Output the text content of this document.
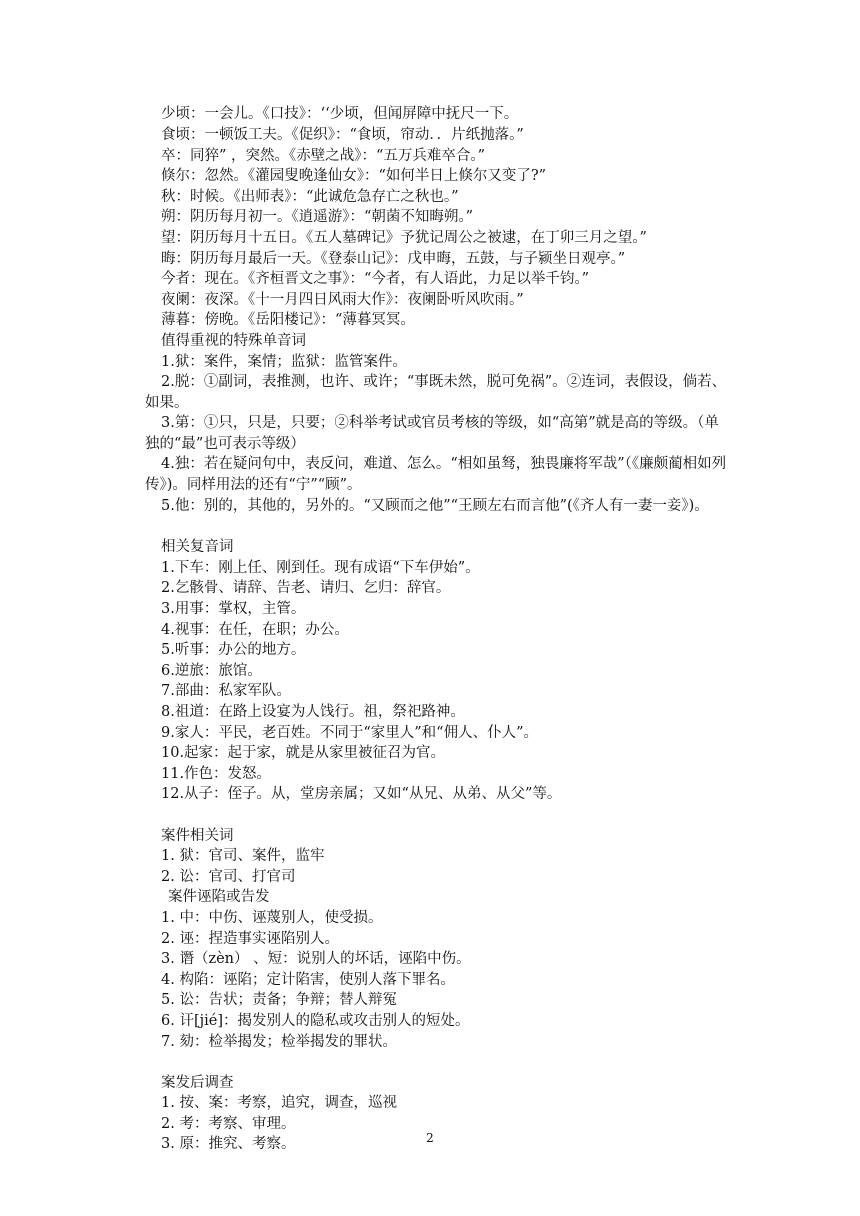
少顷：一会儿。《口技》：‘‘少顷，但闻屏障中抚尺一下。
食顷：一顿饭工夫。《促织》：“食顷，帘动．．片纸抛落。”
卒：同猝” ，突然。《赤壁之战》：“五万兵难卒合。”
倏尔：忽然。《灌园叟晚逢仙女》：“如何半日上倏尔又变了?”
秋：时候。《出师表》：“此诚危急存亡之秋也。”
朔：阴历每月初一。《逍遥游》：“朝菌不知晦朔。”
望：阴历每月十五日。《五人墓碑记》予犹记周公之被逮，在丁卯三月之望。”
晦：阴历每月最后一天。《登泰山记》：戊申晦，五鼓，与子颍坐日观亭。”
今者：现在。《齐桓晋文之事》：“今者，有人语此，力足以举千钧。”
夜阑：夜深。《十一月四日风雨大作》：夜阑卧听风吹雨。”
薄暮：傍晚。《岳阳楼记》：“薄暮冥冥。
值得重视的特殊单音词
1.狱：案件，案情；监狱：监管案件。
2.脱：①副词，表推测，也许、或许；“事既未然，脱可免祸”。②连词，表假设，倘若、如果。
3.第：①只，只是，只要；②科举考试或官员考核的等级，如“高第”就是高的等级。（单独的“最”也可表示等级）
4.独：若在疑问句中，表反问，难道、怎么。“相如虽驽，独畏廉将军哉”（《廉颇蔺相如列传》)。同样用法的还有“宁”“顾”。
5.他：别的，其他的，另外的。“又顾而之他”“王顾左右而言他”(《齐人有一妻一妾》)。
相关复音词
1.下车：刚上任、刚到任。现有成语“下车伊始”。
2.乞骸骨、请辞、告老、请归、乞归：辞官。
3.用事：掌权，主管。
4.视事：在任，在职；办公。
5.听事：办公的地方。
6.逆旅：旅馆。
7.部曲：私家军队。
8.祖道：在路上设宴为人饯行。祖，祭祀路神。
9.家人：平民，老百姓。不同于“家里人”和“佣人、仆人”。
10.起家：起于家，就是从家里被征召为官。
11.作色：发怒。
12.从子：侄子。从，堂房亲属；又如“从兄、从弟、从父”等。
案件相关词
1. 狱：官司、案件，监牢
2. 讼：官司、打官司
案件诬陷或告发
1. 中：中伤、诬蔑别人，使受损。
2. 诬：捏造事实诬陷别人。
3. 谮（zèn） 、短：说别人的坏话，诬陷中伤。
4. 构陷：诬陷；定计陷害，使别人落下罪名。
5. 讼：告状；责备；争辩；替人辩冤
6. 讦[jié]：揭发别人的隐私或攻击别人的短处。
7. 劾：检举揭发；检举揭发的罪状。
案发后调查
1. 按、案：考察，追究，调查，巡视
2. 考：考察、审理。
3. 原：推究、考察。	2
